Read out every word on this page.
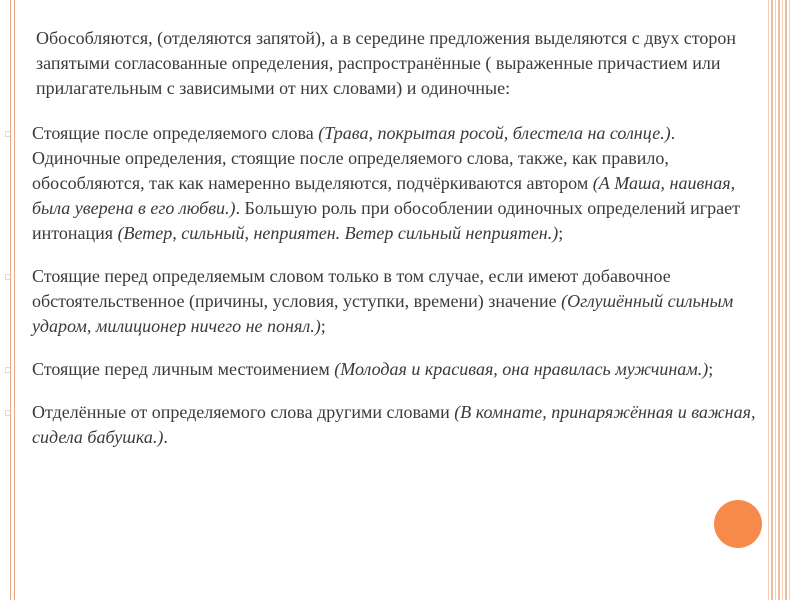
Обособляются, (отделяются запятой), а в середине предложения выделяются с двух сторон запятыми согласованные определения, распространённые ( выраженные причастием или прилагательным с зависимыми от них словами) и одиночные:
▫ Стоящие после определяемого слова (Трава, покрытая росой, блестела на солнце.). Одиночные определения, стоящие после определяемого слова, также, как правило, обособляются, так как намеренно выделяются, подчёркиваются автором (А Маша, наивная, была уверена в его любви.). Большую роль при обособлении одиночных определений играет интонация (Ветер, сильный, неприятен. Ветер сильный неприятен.);
▫ Стоящие перед определяемым словом только в том случае, если имеют добавочное обстоятельственное (причины, условия, уступки, времени) значение (Оглушённый сильным ударом, милиционер ничего не понял.);
▫ Стоящие перед личным местоимением (Молодая и красивая, она нравилась мужчинам.);
▫ Отделённые от определяемого слова другими словами (В комнате, принаряжённая и важная, сидела бабушка.).
